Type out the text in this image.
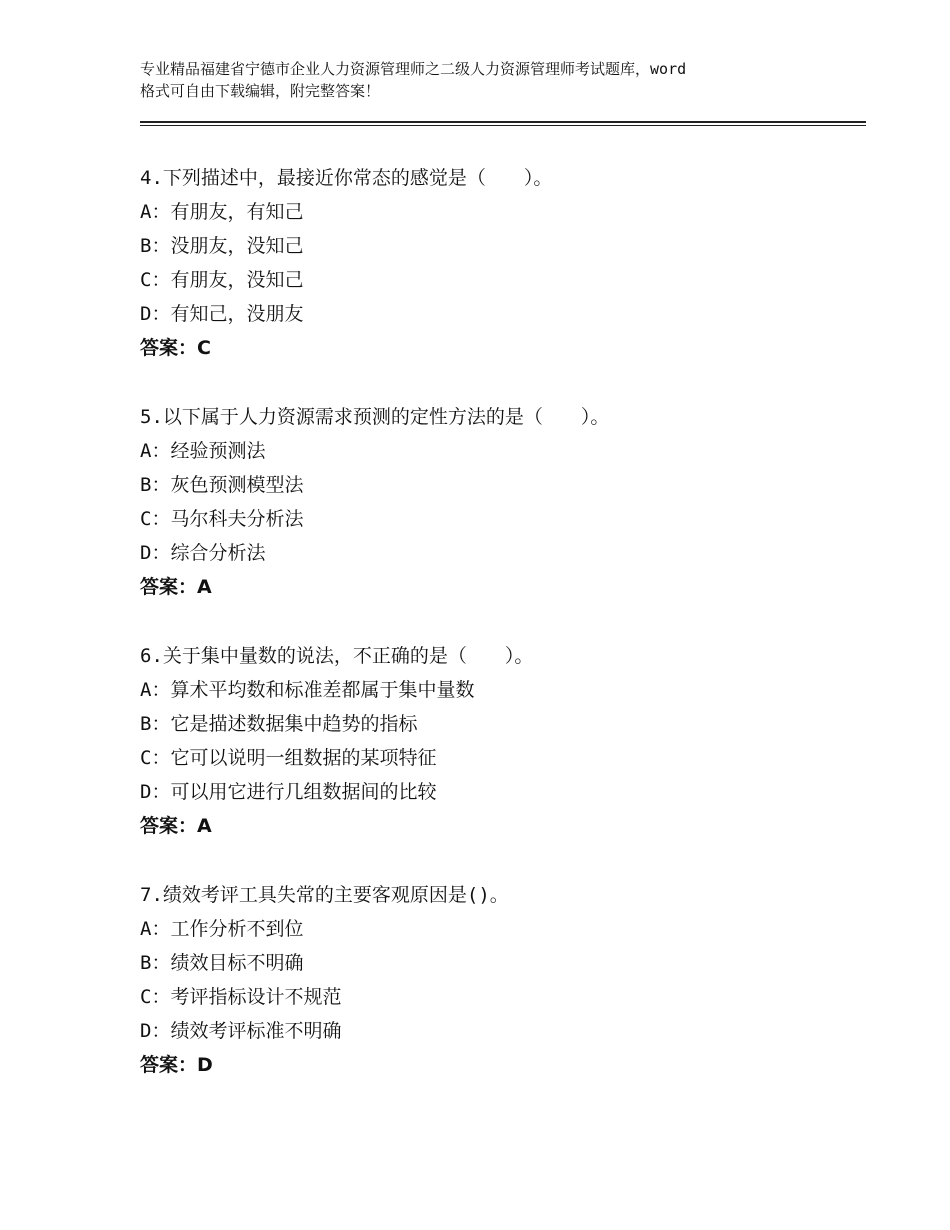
专业精品福建省宁德市企业人力资源管理师之二级人力资源管理师考试题库，word
格式可自由下载编辑，附完整答案！
4.下列描述中，最接近你常态的感觉是（　　）。
A：有朋友，有知己
B：没朋友，没知己
C：有朋友，没知己
D：有知己，没朋友
答案：C
5.以下属于人力资源需求预测的定性方法的是（　　）。
A：经验预测法
B：灰色预测模型法
C：马尔科夫分析法
D：综合分析法
答案：A
6.关于集中量数的说法，不正确的是（　　）。
A：算术平均数和标准差都属于集中量数
B：它是描述数据集中趋势的指标
C：它可以说明一组数据的某项特征
D：可以用它进行几组数据间的比较
答案：A
7.绩效考评工具失常的主要客观原因是()。
A：工作分析不到位
B：绩效目标不明确
C：考评指标设计不规范
D：绩效考评标准不明确
答案：D
